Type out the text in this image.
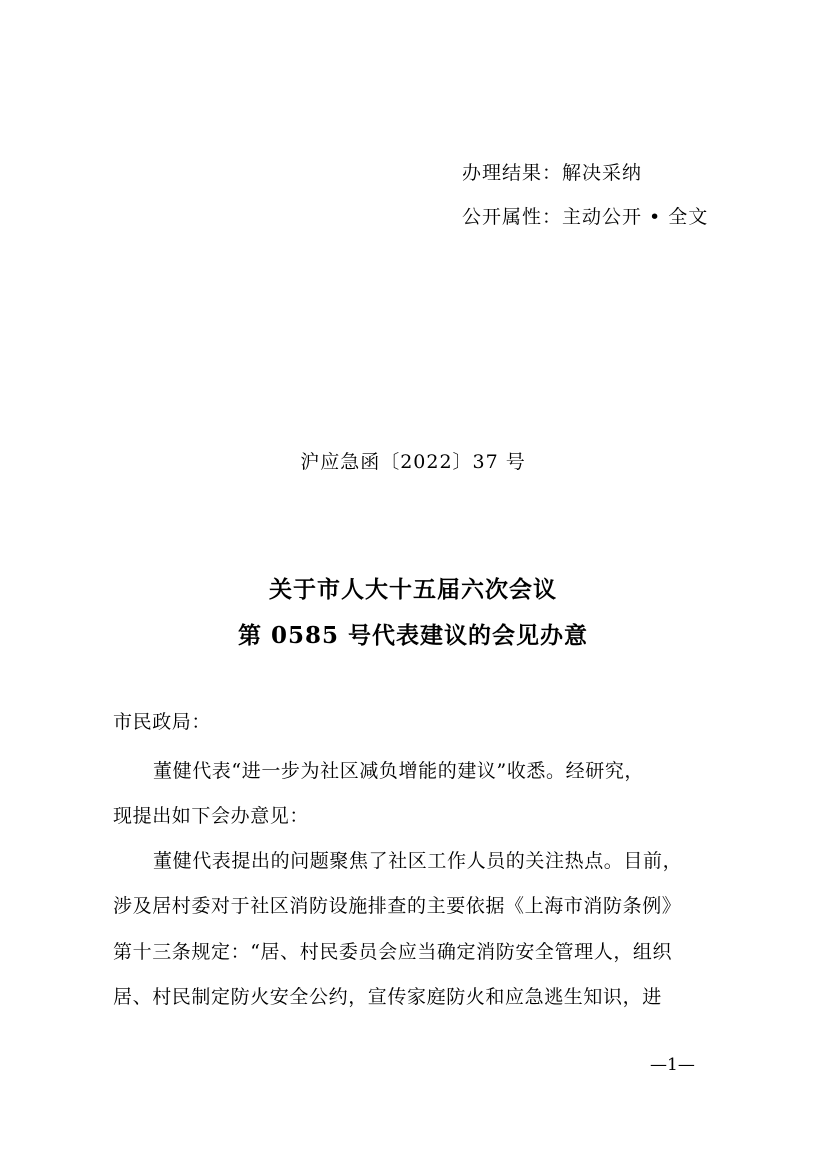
办理结果：解决采纳
公开属性：主动公开 • 全文
沪应急函〔2022〕37 号
关于市人大十五届六次会议
第 0585 号代表建议的会见办意
市民政局：
董健代表“进一步为社区减负增能的建议”收悉。经研究，
现提出如下会办意见：
董健代表提出的问题聚焦了社区工作人员的关注热点。目前，
涉及居村委对于社区消防设施排查的主要依据《上海市消防条例》
第十三条规定：“居、村民委员会应当确定消防安全管理人，组织
居、村民制定防火安全公约，宣传家庭防火和应急逃生知识，进
—1—
